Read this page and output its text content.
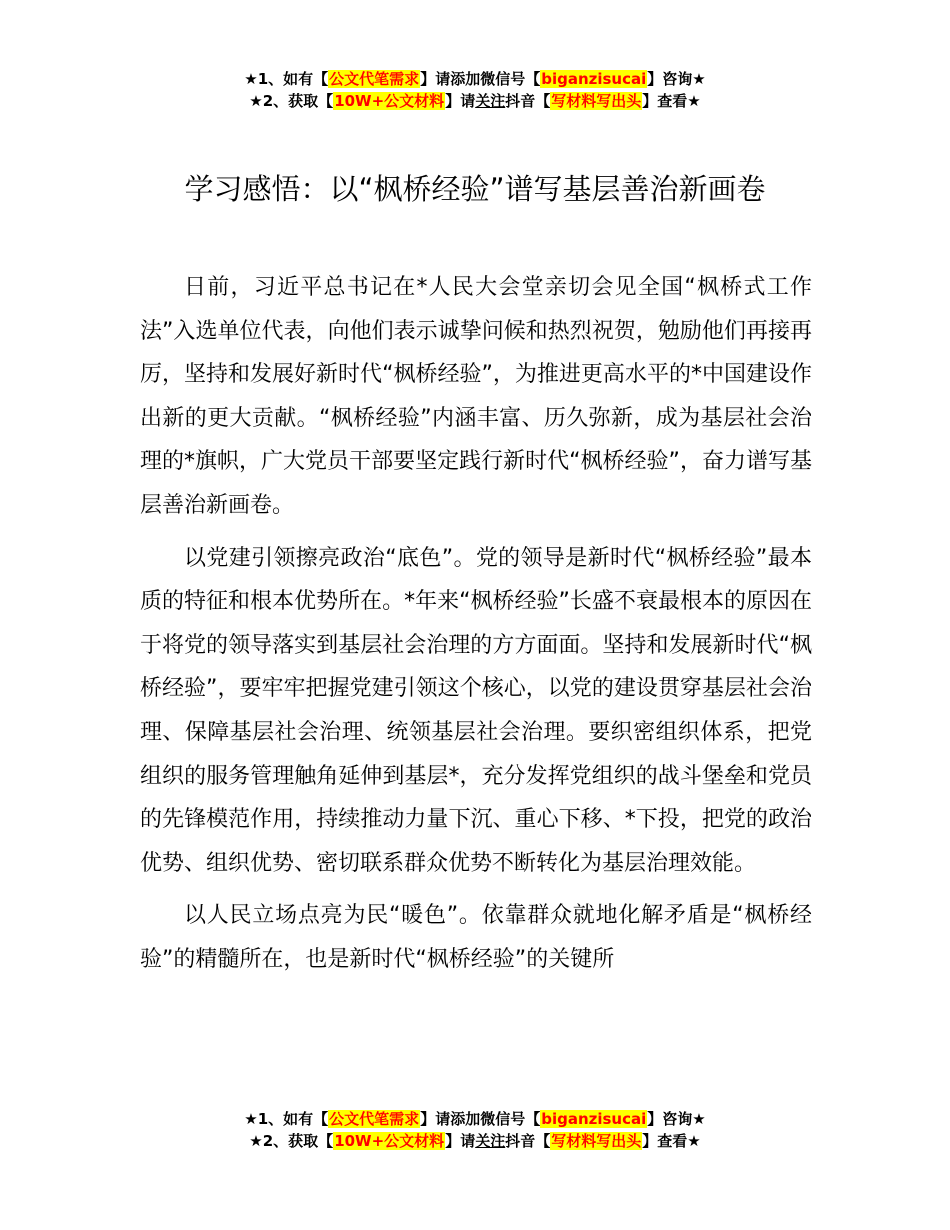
★1、如有【公文代笔需求】请添加微信号【biganzisucai】咨询★
★2、获取【10W+公文材料】请关注抖音【写材料写出头】查看★
学习感悟：以“枫桥经验”谱写基层善治新画卷

日前，习近平总书记在*人民大会堂亲切会见全国“枫桥式工作法”入选单位代表，向他们表示诚挚问候和热烈祝贺，勉励他们再接再厉，坚持和发展好新时代“枫桥经验”，为推进更高水平的*中国建设作出新的更大贡献。“枫桥经验”内涵丰富、历久弥新，成为基层社会治理的*旗帜，广大党员干部要坚定践行新时代“枫桥经验”，奋力谱写基层善治新画卷。

以党建引领擦亮政治“底色”。党的领导是新时代“枫桥经验”最本质的特征和根本优势所在。*年来“枫桥经验”长盛不衰最根本的原因在于将党的领导落实到基层社会治理的方方面面。坚持和发展新时代“枫桥经验”，要牢牢把握党建引领这个核心，以党的建设贯穿基层社会治理、保障基层社会治理、统领基层社会治理。要织密组织体系，把党组织的服务管理触角延伸到基层*，充分发挥党组织的战斗堡垒和党员的先锋模范作用，持续推动力量下沉、重心下移、*下投，把党的政治优势、组织优势、密切联系群众优势不断转化为基层治理效能。

以人民立场点亮为民“暖色”。依靠群众就地化解矛盾是“枫桥经验”的精髓所在，也是新时代“枫桥经验”的关键所

★1、如有【公文代笔需求】请添加微信号【biganzisucai】咨询★
★2、获取【10W+公文材料】请关注抖音【写材料写出头】查看★
